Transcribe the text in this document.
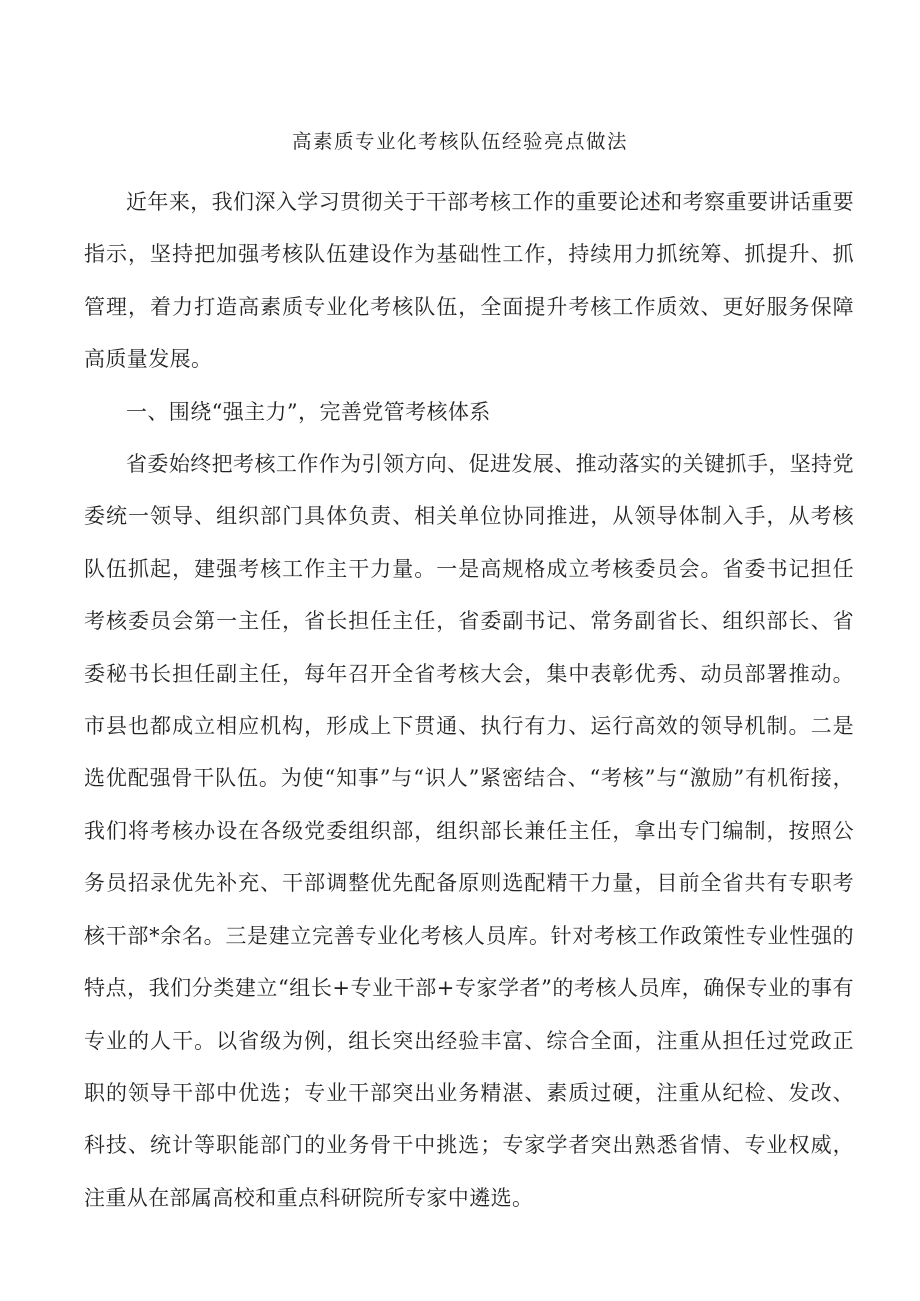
高素质专业化考核队伍经验亮点做法

近年来，我们深入学习贯彻关于干部考核工作的重要论述和考察重要讲话重要指示，坚持把加强考核队伍建设作为基础性工作，持续用力抓统筹、抓提升、抓管理，着力打造高素质专业化考核队伍，全面提升考核工作质效、更好服务保障高质量发展。

一、围绕“强主力”，完善党管考核体系

省委始终把考核工作作为引领方向、促进发展、推动落实的关键抓手，坚持党委统一领导、组织部门具体负责、相关单位协同推进，从领导体制入手，从考核队伍抓起，建强考核工作主干力量。一是高规格成立考核委员会。省委书记担任考核委员会第一主任，省长担任主任，省委副书记、常务副省长、组织部长、省委秘书长担任副主任，每年召开全省考核大会，集中表彰优秀、动员部署推动。市县也都成立相应机构，形成上下贯通、执行有力、运行高效的领导机制。二是选优配强骨干队伍。为使“知事”与“识人”紧密结合、“考核”与“激励”有机衔接，我们将考核办设在各级党委组织部，组织部长兼任主任，拿出专门编制，按照公务员招录优先补充、干部调整优先配备原则选配精干力量，目前全省共有专职考核干部*余名。三是建立完善专业化考核人员库。针对考核工作政策性专业性强的特点，我们分类建立“组长+专业干部+专家学者”的考核人员库，确保专业的事有专业的人干。以省级为例，组长突出经验丰富、综合全面，注重从担任过党政正职的领导干部中优选；专业干部突出业务精湛、素质过硬，注重从纪检、发改、科技、统计等职能部门的业务骨干中挑选；专家学者突出熟悉省情、专业权威，注重从在部属高校和重点科研院所专家中遴选。
